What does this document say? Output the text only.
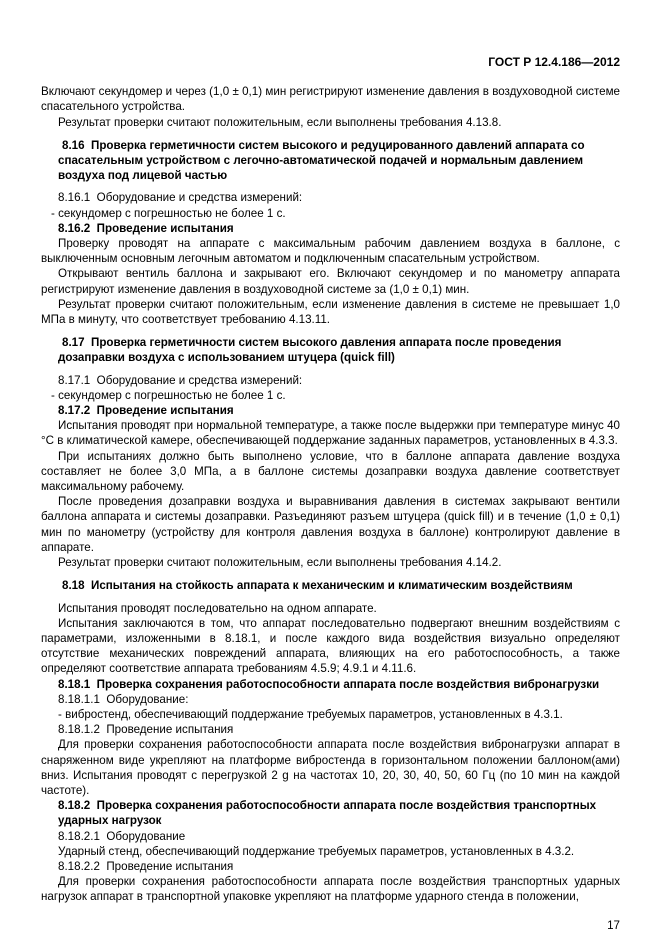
ГОСТ Р 12.4.186—2012
Включают секундомер и через (1,0 ± 0,1) мин регистрируют изменение давления в воздуховодной системе спасательного устройства.
Результат проверки считают положительным, если выполнены требования 4.13.8.
8.16  Проверка герметичности систем высокого и редуцированного давлений аппарата со спасательным устройством с легочно-автоматической подачей и нормальным давлением воздуха под лицевой частью
8.16.1  Оборудование и средства измерений:
- секундомер с погрешностью не более 1 с.
8.16.2  Проведение испытания
Проверку проводят на аппарате с максимальным рабочим давлением воздуха в баллоне, с выключенным основным легочным автоматом и подключенным спасательным устройством.
Открывают вентиль баллона и закрывают его. Включают секундомер и по манометру аппарата регистрируют изменение давления в воздуховодной системе за (1,0 ± 0,1) мин.
Результат проверки считают положительным, если изменение давления в системе не превышает 1,0 МПа в минуту, что соответствует требованию 4.13.11.
8.17  Проверка герметичности систем высокого давления аппарата после проведения дозаправки воздуха с использованием штуцера (quick fill)
8.17.1  Оборудование и средства измерений:
- секундомер с погрешностью не более 1 с.
8.17.2  Проведение испытания
Испытания проводят при нормальной температуре, а также после выдержки при температуре минус 40 °С в климатической камере, обеспечивающей поддержание заданных параметров, установленных в 4.3.3.
При испытаниях должно быть выполнено условие, что в баллоне аппарата давление воздуха составляет не более 3,0 МПа, а в баллоне системы дозаправки воздуха давление соответствует максимальному рабочему.
После проведения дозаправки воздуха и выравнивания давления в системах закрывают вентили баллона аппарата и системы дозаправки. Разъединяют разъем штуцера (quick fill) и в течение (1,0 ± 0,1) мин по манометру (устройству для контроля давления воздуха в баллоне) контролируют давление в аппарате.
Результат проверки считают положительным, если выполнены требования 4.14.2.
8.18  Испытания на стойкость аппарата к механическим и климатическим воздействиям
Испытания проводят последовательно на одном аппарате.
Испытания заключаются в том, что аппарат последовательно подвергают внешним воздействиям с параметрами, изложенными в 8.18.1, и после каждого вида воздействия визуально определяют отсутствие механических повреждений аппарата, влияющих на его работоспособность, а также определяют соответствие аппарата требованиям 4.5.9; 4.9.1 и 4.11.6.
8.18.1  Проверка сохранения работоспособности аппарата после воздействия вибронагрузки
8.18.1.1  Оборудование:
- вибростенд, обеспечивающий поддержание требуемых параметров, установленных в 4.3.1.
8.18.1.2  Проведение испытания
Для проверки сохранения работоспособности аппарата после воздействия вибронагрузки аппарат в снаряженном виде укрепляют на платформе вибростенда в горизонтальном положении баллоном(ами) вниз. Испытания проводят с перегрузкой 2 g на частотах 10, 20, 30, 40, 50, 60 Гц (по 10 мин на каждой частоте).
8.18.2  Проверка сохранения работоспособности аппарата после воздействия транспортных ударных нагрузок
8.18.2.1  Оборудование
Ударный стенд, обеспечивающий поддержание требуемых параметров, установленных в 4.3.2.
8.18.2.2  Проведение испытания
Для проверки сохранения работоспособности аппарата после воздействия транспортных ударных нагрузок аппарат в транспортной упаковке укрепляют на платформе ударного стенда в положении,
17
